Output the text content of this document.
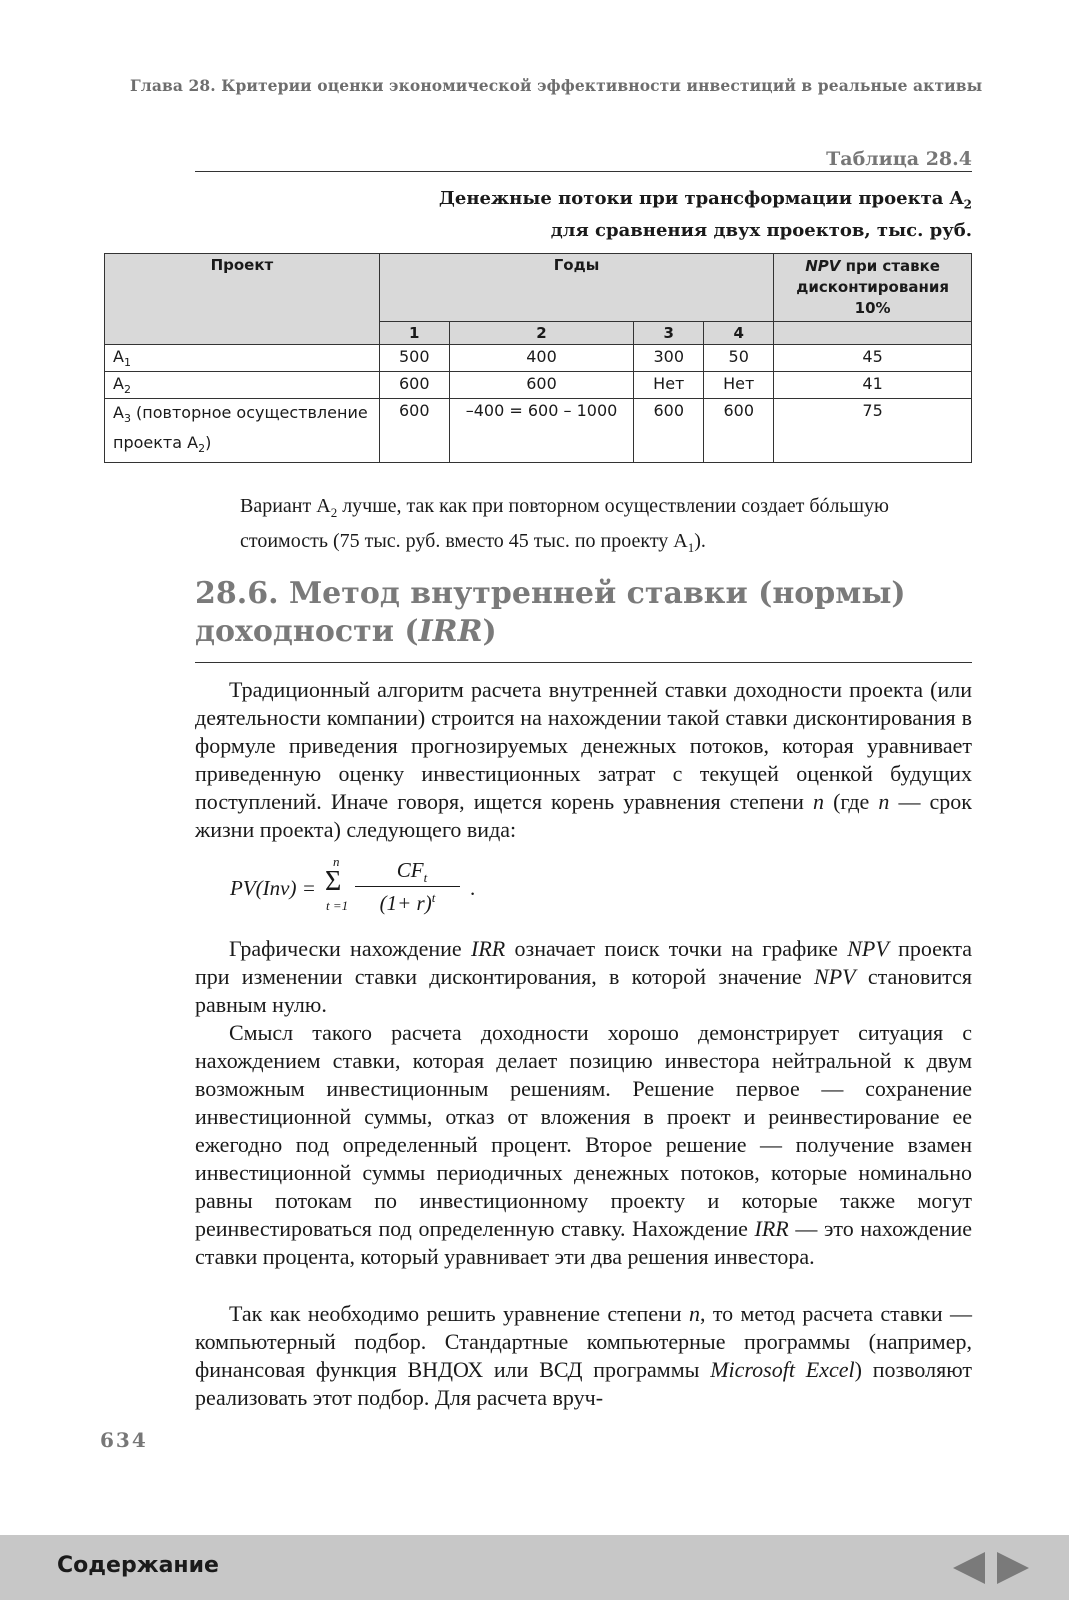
Глава 28. Критерии оценки экономической эффективности инвестиций в реальные активы
Таблица 28.4
Денежные потоки при трансформации проекта $A_2$
для сравнения двух проектов, тыс. руб.
Проект	Годы				NPV при ставке дисконтирования 10%
	1	2	3	4	
$A_1$	500	400	300	50	45
$A_2$	600	600	Нет	Нет	41
$A_3$ (повторное осуществление проекта $A_2$)	600	–400 = 600 – 1000	600	600	75
Вариант $A_2$ лучше, так как при повторном осуществлении создает бóльшую стоимость (75 тыс. руб. вместо 45 тыс. по проекту $A_1$).
28.6. Метод внутренней ставки (нормы) доходности (IRR)
Традиционный алгоритм расчета внутренней ставки доходности проекта (или деятельности компании) строится на нахождении такой ставки дисконтирования в формуле приведения прогнозируемых денежных потоков, которая уравнивает приведенную оценку инвестиционных затрат с текущей оценкой будущих поступлений. Иначе говоря, ищется корень уравнения степени n (где n — срок жизни проекта) следующего вида:
PV(Inv) =
n
Σ
t =1
$CF_t$
$(1+ r)^t$	.
Графически нахождение IRR означает поиск точки на графике NPV проекта при изменении ставки дисконтирования, в которой значение NPV становится равным нулю.
Смысл такого расчета доходности хорошо демонстрирует ситуация с нахождением ставки, которая делает позицию инвестора нейтральной к двум возможным инвестиционным решениям. Решение первое — сохранение инвестиционной суммы, отказ от вложения в проект и реинвестирование ее ежегодно под определенный процент. Второе решение — получение взамен инвестиционной суммы периодичных денежных потоков, которые номинально равны потокам по инвестиционному проекту и которые также могут реинвестироваться под определенную ставку. Нахождение IRR — это нахождение ставки процента, который уравнивает эти два решения инвестора.
Так как необходимо решить уравнение степени n, то метод расчета ставки — компьютерный подбор. Стандартные компьютерные программы (например, финансовая функция ВНДОХ или ВСД программы Microsoft Excel) позволяют реализовать этот подбор. Для расчета вруч-
634
Содержание
